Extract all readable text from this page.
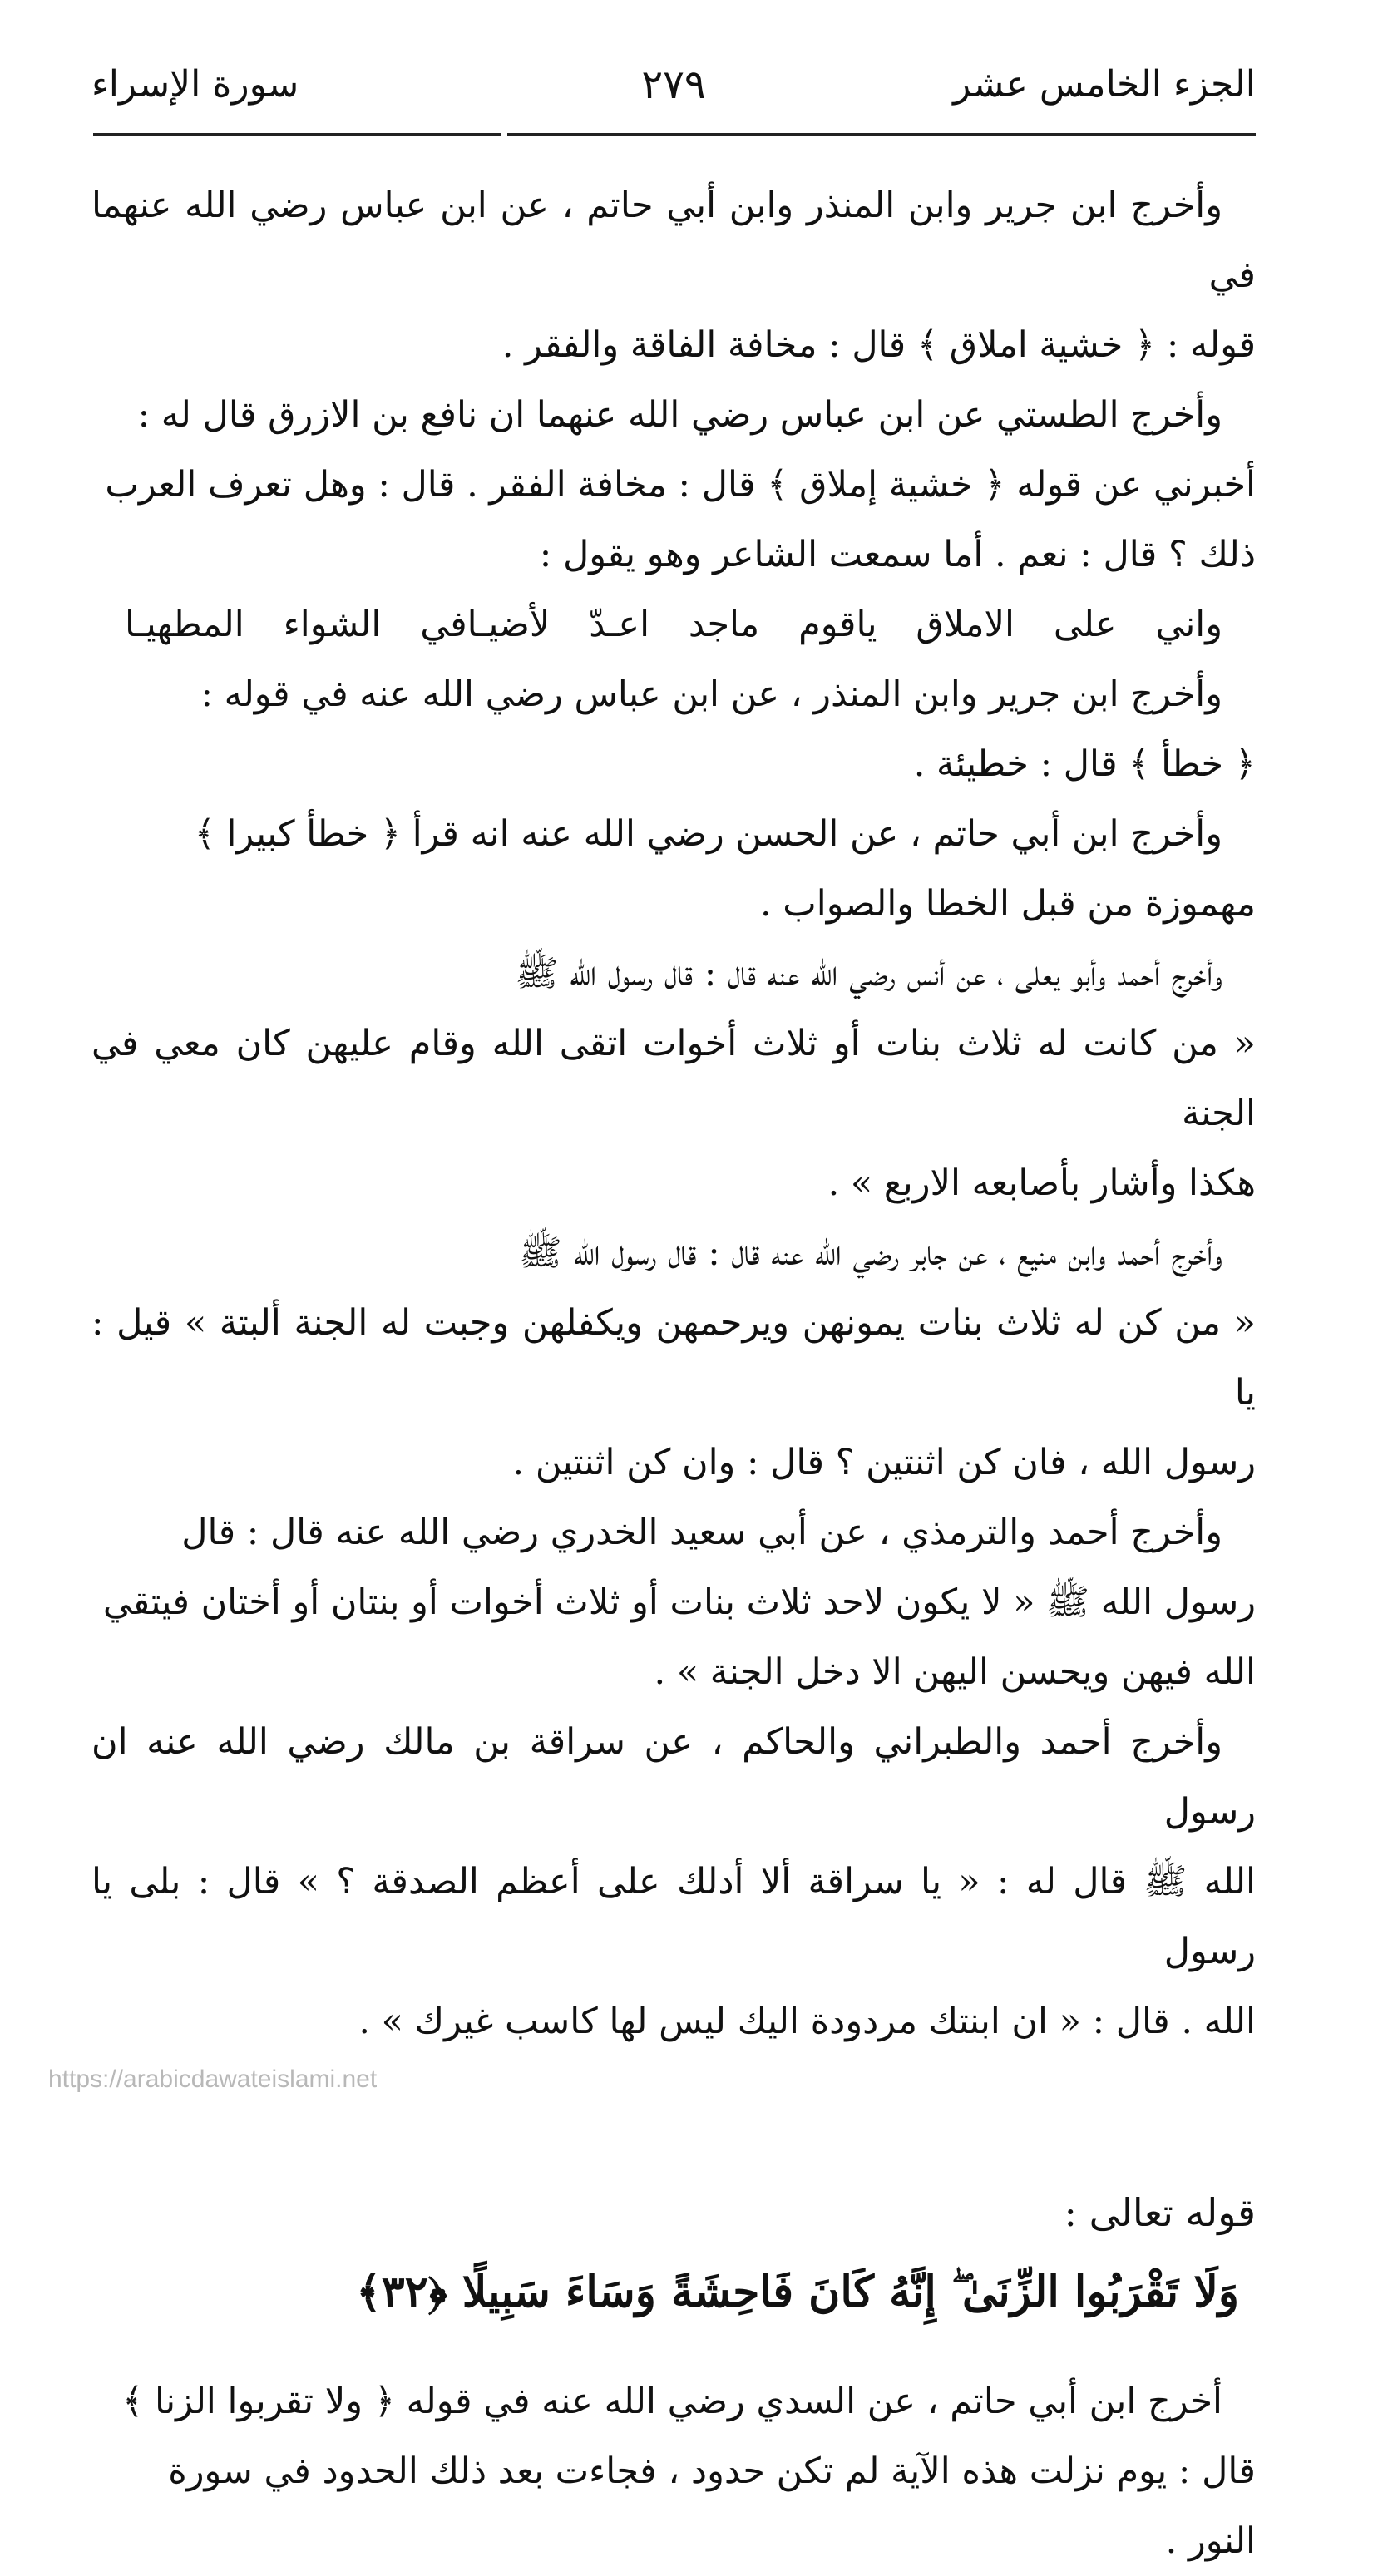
الجزء الخامس عشر
٢٧٩
سورة الإسراء

وأخرج ابن جرير وابن المنذر وابن أبي حاتم ، عن ابن عباس رضي الله عنهما في
قوله : ﴿ خشية املاق ﴾ قال : مخافة الفاقة والفقر .

وأخرج الطستي عن ابن عباس رضي الله عنهما ان نافع بن الازرق قال له :
أخبرني عن قوله ﴿ خشية إملاق ﴾ قال : مخافة الفقر . قال : وهل تعرف العرب
ذلك ؟ قال : نعم . أما سمعت الشاعر وهو يقول :

واني على الاملاق ياقوم ماجد اعـدّ لأضيـافي الشواء المطهيـا

وأخرج ابن جرير وابن المنذر ، عن ابن عباس رضي الله عنه في قوله :
﴿ خطأ ﴾ قال : خطيئة .

وأخرج ابن أبي حاتم ، عن الحسن رضي الله عنه انه قرأ ﴿ خطأ كبيرا ﴾
مهموزة من قبل الخطا والصواب .

وأخرج أحمد وأبو يعلى ، عن أنس رضي الله عنه قال : قال رسول الله ﷺ
« من كانت له ثلاث بنات أو ثلاث أخوات اتقى الله وقام عليهن كان معي في الجنة
هكذا وأشار بأصابعه الاربع » .

وأخرج أحمد وابن منيع ، عن جابر رضي الله عنه قال : قال رسول الله ﷺ
« من كن له ثلاث بنات يمونهن ويرحمهن ويكفلهن وجبت له الجنة ألبتة » قيل : يا
رسول الله ، فان كن اثنتين ؟ قال : وان كن اثنتين .

وأخرج أحمد والترمذي ، عن أبي سعيد الخدري رضي الله عنه قال : قال
رسول الله ﷺ « لا يكون لاحد ثلاث بنات أو ثلاث أخوات أو بنتان أو أختان فيتقي
الله فيهن ويحسن اليهن الا دخل الجنة » .

وأخرج أحمد والطبراني والحاكم ، عن سراقة بن مالك رضي الله عنه ان رسول
الله ﷺ قال له : « يا سراقة ألا أدلك على أعظم الصدقة ؟ » قال : بلى يا رسول
الله . قال : « ان ابنتك مردودة اليك ليس لها كاسب غيرك » .

قوله تعالى :
وَلَا تَقْرَبُوا الزِّنَىٰ ۖ إِنَّهُ كَانَ فَاحِشَةً وَسَاءَ سَبِيلًا ﴿٣٢﴾

أخرج ابن أبي حاتم ، عن السدي رضي الله عنه في قوله ﴿ ولا تقربوا الزنا ﴾
قال : يوم نزلت هذه الآية لم تكن حدود ، فجاءت بعد ذلك الحدود في سورة
النور .

https://arabicdawateislami.net
